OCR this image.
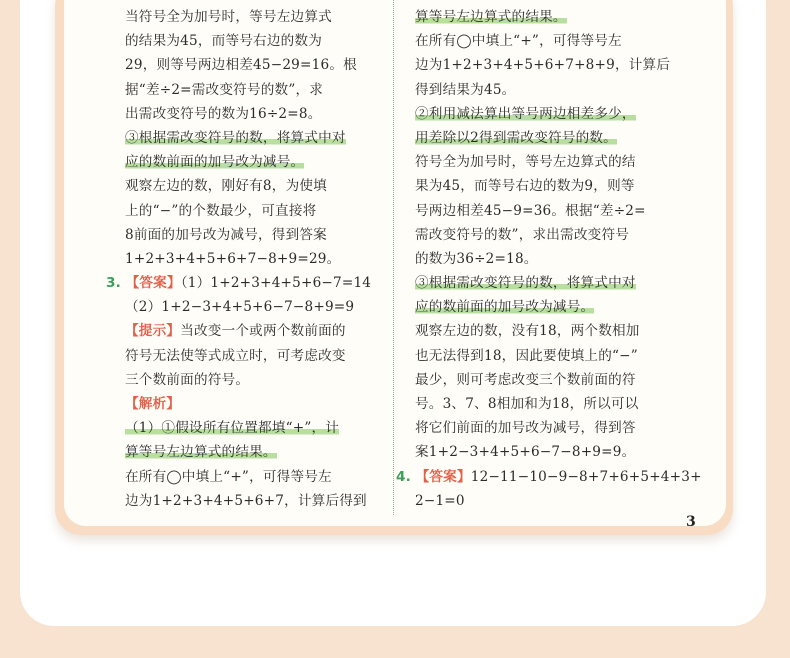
当符号全为加号时，等号左边算式
的结果为45，而等号右边的数为
29，则等号两边相差45−29=16。根
据“差÷2=需改变符号的数”，求
出需改变符号的数为16÷2=8。
③根据需改变符号的数，将算式中对
应的数前面的加号改为减号。
观察左边的数，刚好有8，为使填
上的“−”的个数最少，可直接将
8前面的加号改为减号，得到答案
1+2+3+4+5+6+7−8+9=29。
3. 【答案】（1）1+2+3+4+5+6−7=14
（2）1+2−3+4+5+6−7−8+9=9
【提示】当改变一个或两个数前面的
符号无法使等式成立时，可考虑改变
三个数前面的符号。
【解析】
（1）①假设所有位置都填“+”，计
算等号左边算式的结果。
在所有◯中填上“+”，可得等号左
边为1+2+3+4+5+6+7，计算后得到
算等号左边算式的结果。
在所有◯中填上“+”，可得等号左
边为1+2+3+4+5+6+7+8+9，计算后
得到结果为45。
②利用减法算出等号两边相差多少，
用差除以2得到需改变符号的数。
符号全为加号时，等号左边算式的结
果为45，而等号右边的数为9，则等
号两边相差45−9=36。根据“差÷2=
需改变符号的数”，求出需改变符号
的数为36÷2=18。
③根据需改变符号的数，将算式中对
应的数前面的加号改为减号。
观察左边的数，没有18，两个数相加
也无法得到18，因此要使填上的“−”
最少，则可考虑改变三个数前面的符
号。3、7、8相加和为18，所以可以
将它们前面的加号改为减号，得到答
案1+2−3+4+5+6−7−8+9=9。
4. 【答案】12−11−10−9−8+7+6+5+4+3+
2−1=0
3
